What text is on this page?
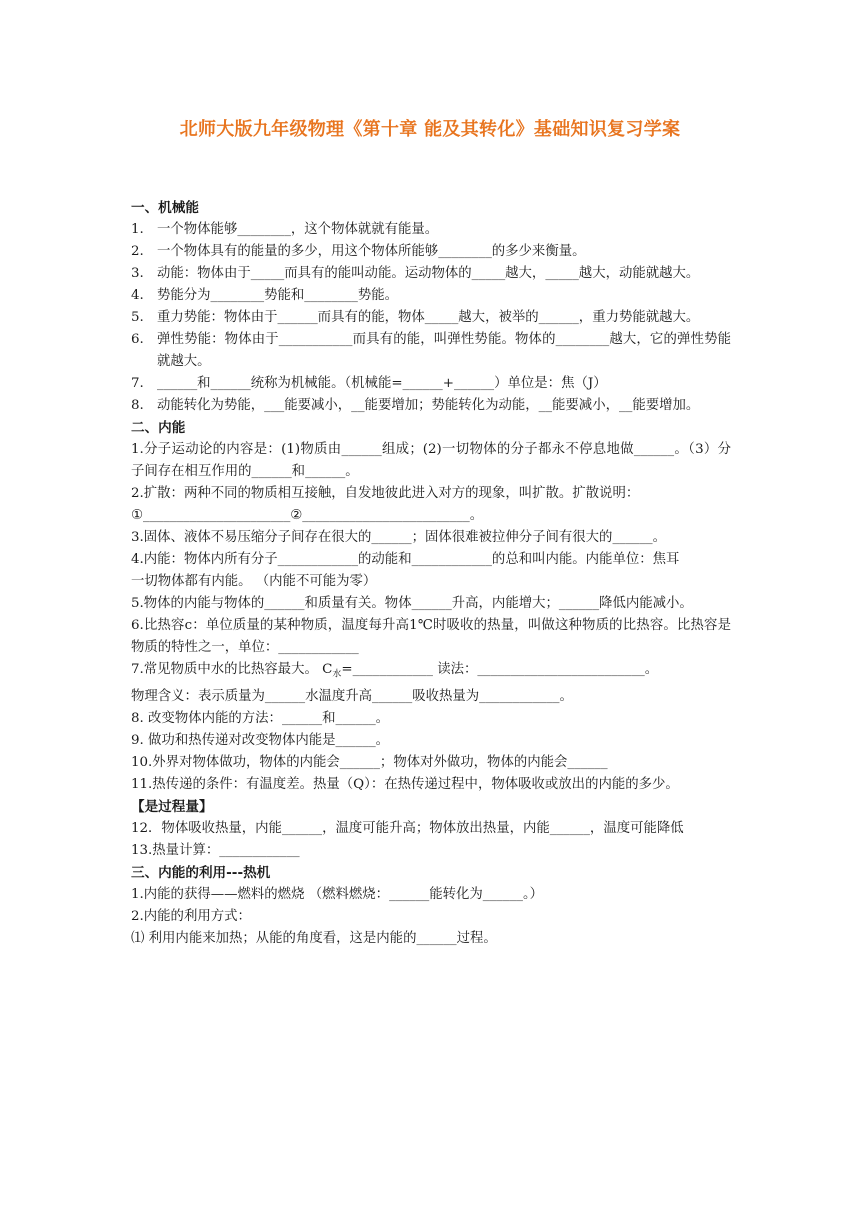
北师大版九年级物理《第十章 能及其转化》基础知识复习学案
一、机械能
1. 一个物体能够________，这个物体就就有能量。
2. 一个物体具有的能量的多少，用这个物体所能够________的多少来衡量。
3. 动能：物体由于_____而具有的能叫动能。运动物体的_____越大，_____越大，动能就越大。
4. 势能分为________势能和________势能。
5. 重力势能：物体由于______而具有的能，物体_____越大，被举的______，重力势能就越大。
6. 弹性势能：物体由于___________而具有的能，叫弹性势能。物体的________越大，它的弹性势能就越大。
7. ______和______统称为机械能。（机械能=______+______）单位是：焦（J）
8. 动能转化为势能，___能要减小，__能要增加；势能转化为动能，__能要减小，__能要增加。
二、内能
1.分子运动论的内容是：(1)物质由______组成；(2)一切物体的分子都永不停息地做______。（3）分子间存在相互作用的______和______。
2.扩散：两种不同的物质相互接触，自发地彼此进入对方的现象，叫扩散。扩散说明：
①______________________②_________________________。
3.固体、液体不易压缩分子间存在很大的______；固体很难被拉伸分子间有很大的______。
4.内能：物体内所有分子____________的动能和____________的总和叫内能。内能单位：焦耳
一切物体都有内能。 （内能不可能为零）
5.物体的内能与物体的______和质量有关。物体______升高，内能增大；______降低内能减小。
6.比热容c：单位质量的某种物质，温度每升高1℃时吸收的热量，叫做这种物质的比热容。比热容是物质的特性之一，单位：____________
7.常见物质中水的比热容最大。 $C_水=\_\_\_\_\_\_\_\_\_\_\_\_$ 读法：_________________________。
物理含义：表示质量为______水温度升高______吸收热量为____________。
8. 改变物体内能的方法：______和______。
9. 做功和热传递对改变物体内能是______。
10.外界对物体做功，物体的内能会______；物体对外做功，物体的内能会______
11.热传递的条件：有温度差。热量（Q）：在热传递过程中，物体吸收或放出的内能的多少。
【是过程量】
12．物体吸收热量，内能______，温度可能升高；物体放出热量，内能______，温度可能降低
13.热量计算：____________
三、内能的利用---热机
1.内能的获得——燃料的燃烧 （燃料燃烧：______能转化为______。）
2.内能的利用方式：
⑴ 利用内能来加热；从能的角度看，这是内能的______过程。
